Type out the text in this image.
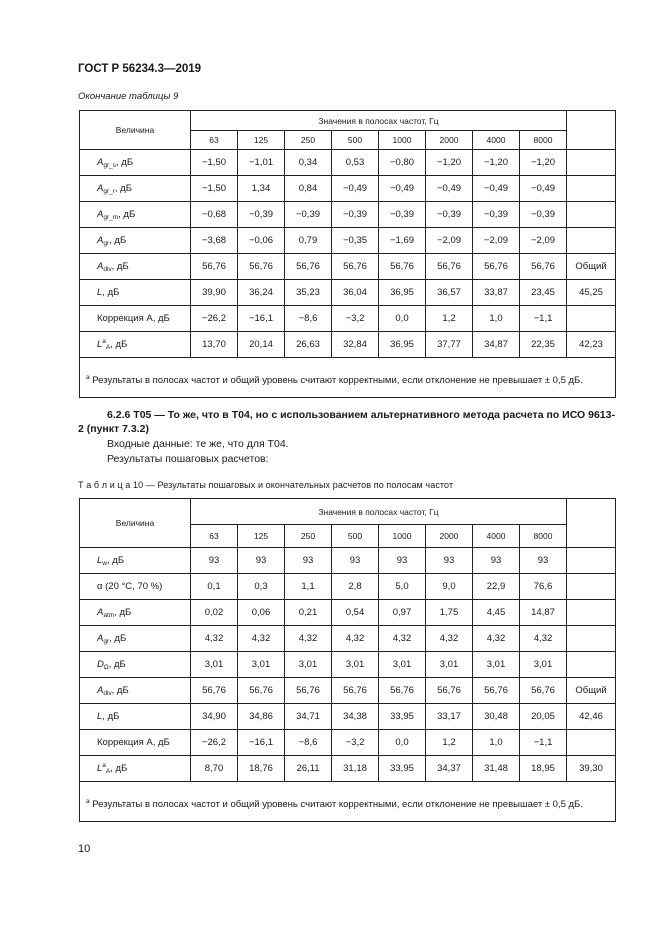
ГОСТ Р 56234.3—2019
Окончание таблицы 9
Величина	Значения в полосах частот, Гц								
	63	125	250	500	1000	2000	4000	8000	
$A_{gr\_s}$, дБ	−1,50	−1,01	0,34	0,53	−0,80	−1,20	−1,20	−1,20	
$A_{gr\_r}$, дБ	−1,50	1,34	0,84	−0,49	−0,49	−0,49	−0,49	−0,49	
$A_{gr\_m}$, дБ	−0,68	−0,39	−0,39	−0,39	−0,39	−0,39	−0,39	−0,39	
$A_{gr}$, дБ	−3,68	−0,06	0,79	−0,35	−1,69	−2,09	−2,09	−2,09	
$A_{div}$, дБ	56,76	56,76	56,76	56,76	56,76	56,76	56,76	56,76	Общий
L, дБ	39,90	36,24	35,23	36,04	36,95	36,57	33,87	23,45	45,25
Коррекция А, дБ	−26,2	−16,1	−8,6	−3,2	0,0	1,2	1,0	−1,1	
$L^a_A$, дБ	13,70	20,14	26,63	32,84	36,95	37,77	34,87	22,35	42,23
$^а$ Результаты в полосах частот и общий уровень считают корректными, если отклонение не превышает ± 0,5 дБ.									
6.2.6 Т05 — То же, что в Т04, но с использованием альтернативного метода расчета по ИСО 9613-2 (пункт 7.3.2)
Входные данные: те же, что для Т04.
Результаты пошаговых расчетов:
Т а б л и ц а 10 — Результаты пошаговых и окончательных расчетов по полосам частот
Величина	Значения в полосах частот, Гц								
	63	125	250	500	1000	2000	4000	8000	
$L_w$, дБ	93	93	93	93	93	93	93	93	
α (20 °С, 70 %)	0,1	0,3	1,1	2,8	5,0	9,0	22,9	76,6	
$A_{atm}$, дБ	0,02	0,06	0,21	0,54	0,97	1,75	4,45	14,87	
$A_{gr}$, дБ	4,32	4,32	4,32	4,32	4,32	4,32	4,32	4,32	
$D_\Omega$, дБ	3,01	3,01	3,01	3,01	3,01	3,01	3,01	3,01	
$A_{div}$, дБ	56,76	56,76	56,76	56,76	56,76	56,76	56,76	56,76	Общий
L, дБ	34,90	34,86	34,71	34,38	33,95	33,17	30,48	20,05	42,46
Коррекция А, дБ	−26,2	−16,1	−8,6	−3,2	0,0	1,2	1,0	−1,1	
$L^a_A$, дБ	8,70	18,76	26,11	31,18	33,95	34,37	31,48	18,95	39,30
$^а$ Результаты в полосах частот и общий уровень считают корректными, если отклонение не превышает ± 0,5 дБ.									
10
